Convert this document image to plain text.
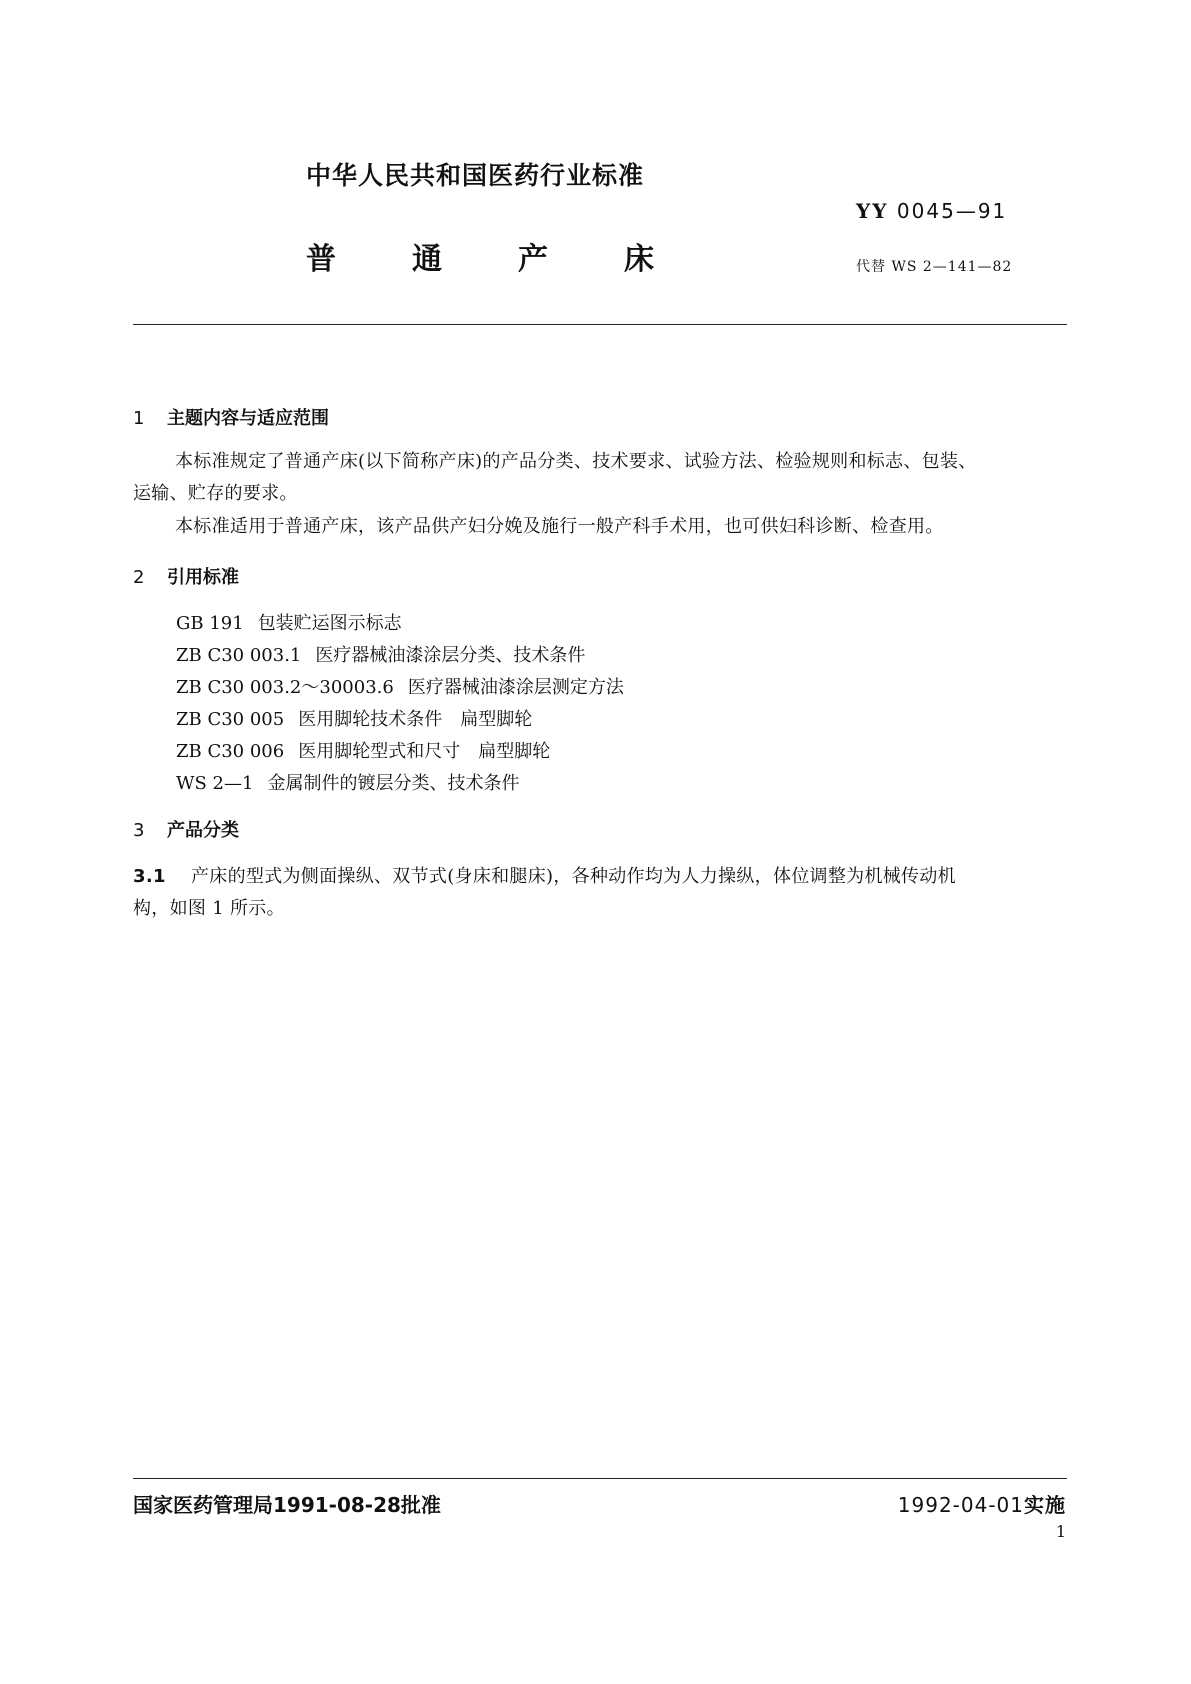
中华人民共和国医药行业标准
YY 0045—91
普	通	产	床	代替 WS 2—141—82
1 主题内容与适应范围
本标准规定了普通产床(以下简称产床)的产品分类、技术要求、试验方法、检验规则和标志、包装、
运输、贮存的要求。
本标准适用于普通产床，该产品供产妇分娩及施行一般产科手术用，也可供妇科诊断、检查用。
2 引用标准
GB 191 包装贮运图示标志
ZB C30 003.1 医疗器械油漆涂层分类、技术条件
ZB C30 003.2～30003.6 医疗器械油漆涂层测定方法
ZB C30 005 医用脚轮技术条件　扁型脚轮
ZB C30 006 医用脚轮型式和尺寸　扁型脚轮
WS 2—1 金属制件的镀层分类、技术条件
3 产品分类
3.1 产床的型式为侧面操纵、双节式(身床和腿床)，各种动作均为人力操纵，体位调整为机械传动机
构，如图 1 所示。
国家医药管理局1991-08-28批准	1992-04-01实施
1
